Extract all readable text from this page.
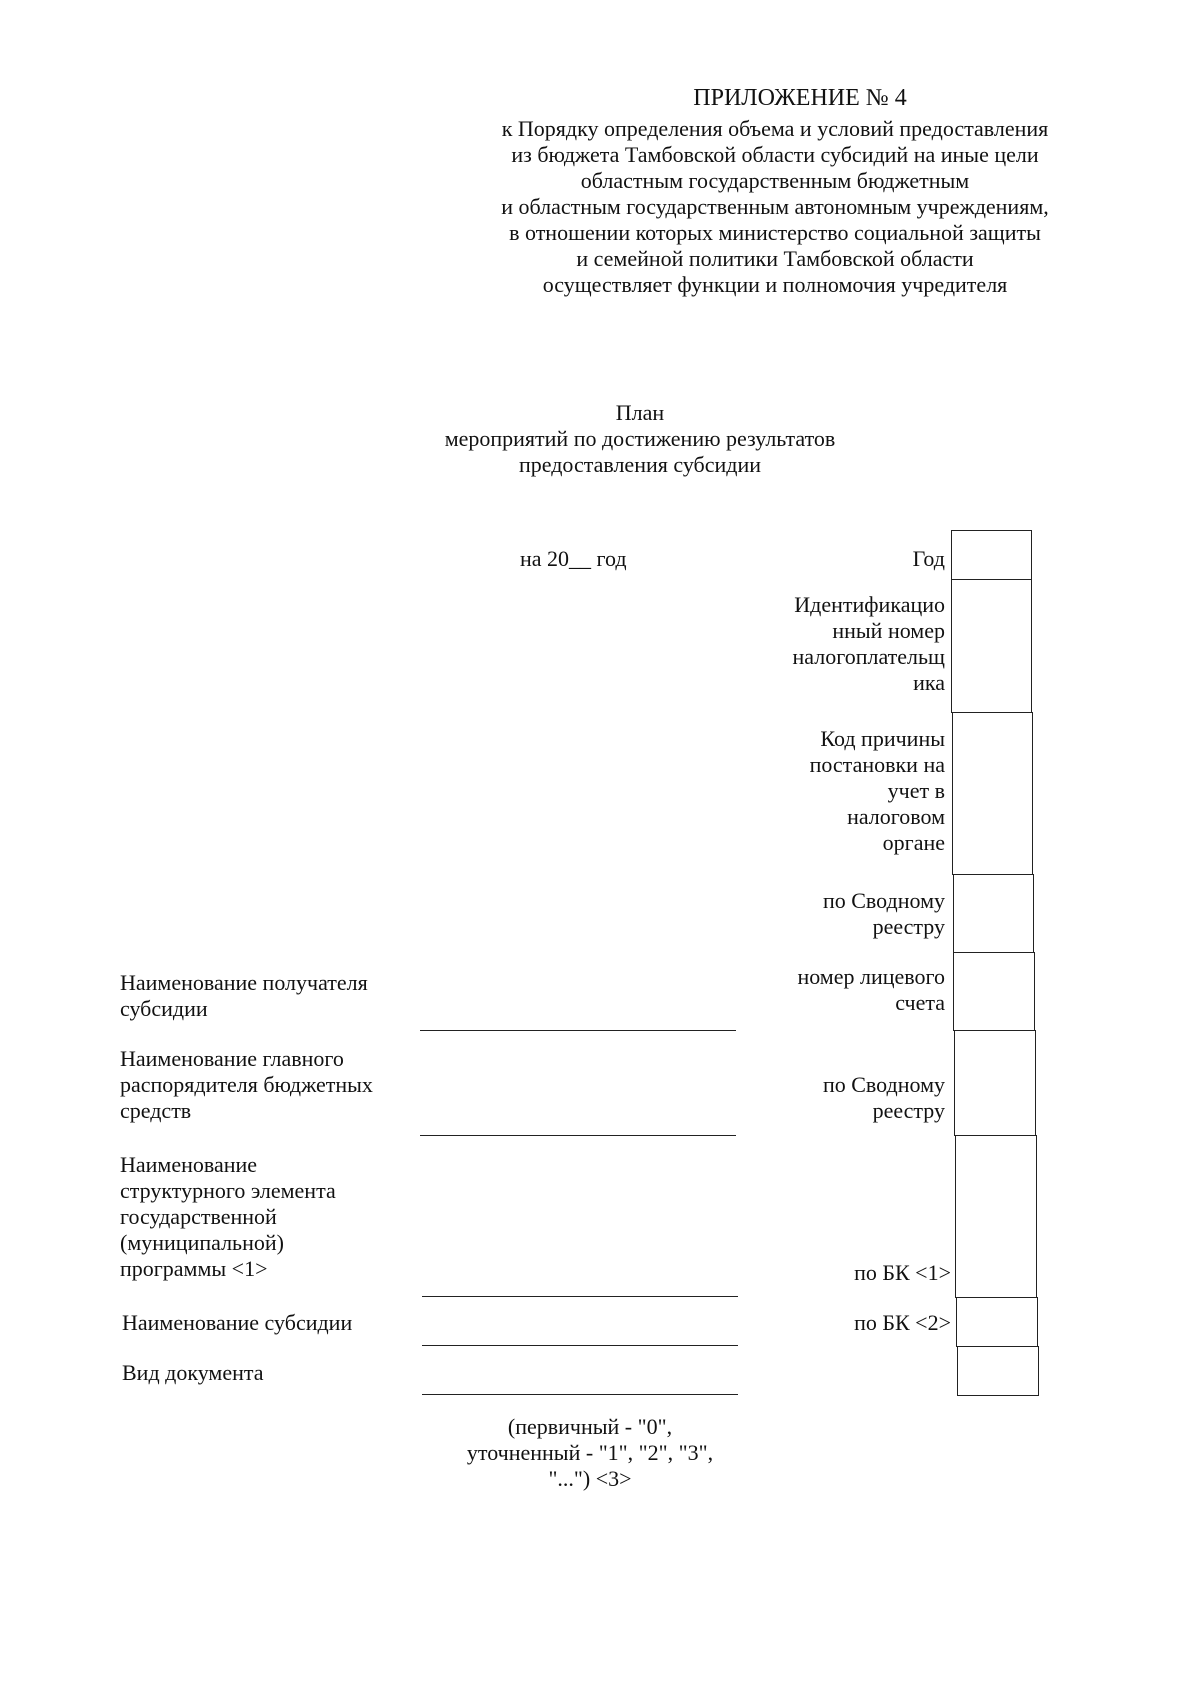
ПРИЛОЖЕНИЕ № 4
к Порядку определения объема и условий предоставления
из бюджета Тамбовской области субсидий на иные цели
областным государственным бюджетным
и областным государственным автономным учреждениям,
в отношении которых министерство социальной защиты
и семейной политики Тамбовской области
осуществляет функции и полномочия учредителя
План
мероприятий по достижению результатов
предоставления субсидии
на 20__ год	Год
Идентификацио
нный номер
налогоплательщ
ика
Код причины
постановки на
учет в
налоговом
органе
по Сводному
реестру
номер лицевого
счета
по Сводному
реестру
по БК <1>
по БК <2>
Наименование получателя
субсидии
Наименование главного
распорядителя бюджетных
средств
Наименование
структурного элемента
государственной
(муниципальной)
программы <1>
Наименование субсидии
Вид документа
(первичный - "0",
уточненный - "1", "2", "3",
"...") <3>
